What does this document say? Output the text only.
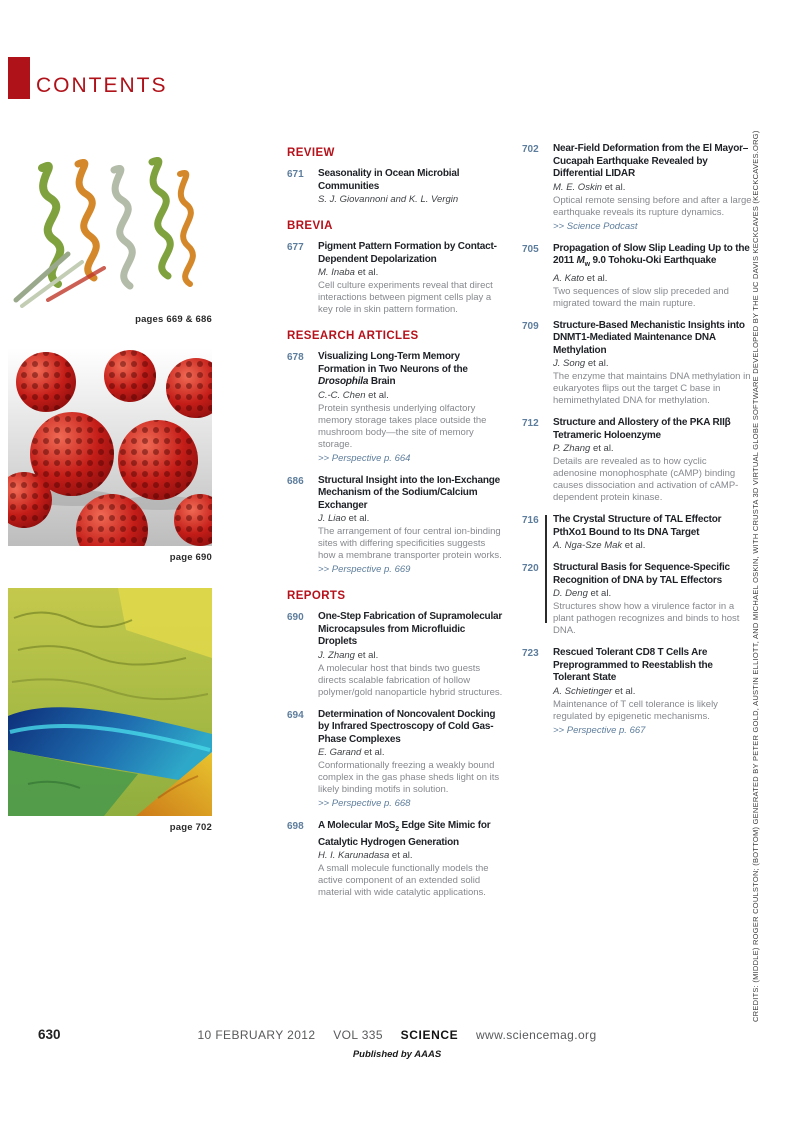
CONTENTS
pages 669 & 686
page 690
page 702
REVIEW
671 Seasonality in Ocean Microbial Communities
S. J. Giovannoni and K. L. Vergin
BREVIA
677 Pigment Pattern Formation by Contact-Dependent Depolarization
M. Inaba et al.
Cell culture experiments reveal that direct interactions between pigment cells play a key role in skin pattern formation.
RESEARCH ARTICLES
678 Visualizing Long-Term Memory Formation in Two Neurons of the Drosophila Brain
C.-C. Chen et al.
Protein synthesis underlying olfactory memory storage takes place outside the mushroom body—the site of memory storage.
>> Perspective p. 664
686 Structural Insight into the Ion-Exchange Mechanism of the Sodium/Calcium Exchanger
J. Liao et al.
The arrangement of four central ion-binding sites with differing specificities suggests how a membrane transporter protein works.
>> Perspective p. 669
REPORTS
690 One-Step Fabrication of Supramolecular Microcapsules from Microfluidic Droplets
J. Zhang et al.
A molecular host that binds two guests directs scalable fabrication of hollow polymer/gold nanoparticle hybrid structures.
694 Determination of Noncovalent Docking by Infrared Spectroscopy of Cold Gas-Phase Complexes
E. Garand et al.
Conformationally freezing a weakly bound complex in the gas phase sheds light on its likely binding motifs in solution.
>> Perspective p. 668
698 A Molecular MoS$_2$ Edge Site Mimic for Catalytic Hydrogen Generation
H. I. Karunadasa et al.
A small molecule functionally models the active component of an extended solid material with wide catalytic applications.
702 Near-Field Deformation from the El Mayor–Cucapah Earthquake Revealed by Differential LIDAR
M. E. Oskin et al.
Optical remote sensing before and after a large earthquake reveals its rupture dynamics.
>> Science Podcast
705 Propagation of Slow Slip Leading Up to the 2011 $M_w$ 9.0 Tohoku-Oki Earthquake
A. Kato et al.
Two sequences of slow slip preceded and migrated toward the main rupture.
709 Structure-Based Mechanistic Insights into DNMT1-Mediated Maintenance DNA Methylation
J. Song et al.
The enzyme that maintains DNA methylation in eukaryotes flips out the target C base in hemimethylated DNA for methylation.
712 Structure and Allostery of the PKA RIIβ Tetrameric Holoenzyme
P. Zhang et al.
Details are revealed as to how cyclic adenosine monophosphate (cAMP) binding causes dissociation and activation of cAMP-dependent protein kinase.
716 The Crystal Structure of TAL Effector PthXo1 Bound to Its DNA Target
A. Nga-Sze Mak et al.
720 Structural Basis for Sequence-Specific Recognition of DNA by TAL Effectors
D. Deng et al.
Structures show how a virulence factor in a plant pathogen recognizes and binds to host DNA.
723 Rescued Tolerant CD8 T Cells Are Preprogrammed to Reestablish the Tolerant State
A. Schietinger et al.
Maintenance of T cell tolerance is likely regulated by epigenetic mechanisms.
>> Perspective p. 667
630	10 FEBRUARY 2012 VOL 335 SCIENCE www.sciencemag.org
Published by AAAS
CREDITS: (MIDDLE) ROGER COULSTON; (BOTTOM) GENERATED BY PETER GOLD, AUSTIN ELLIOTT, AND MICHAEL OSKIN, WITH CRUSTA 3D VIRTUAL GLOBE SOFTWARE DEVELOPED BY THE UC DAVIS KECKCAVES (KECKCAVES.ORG)
